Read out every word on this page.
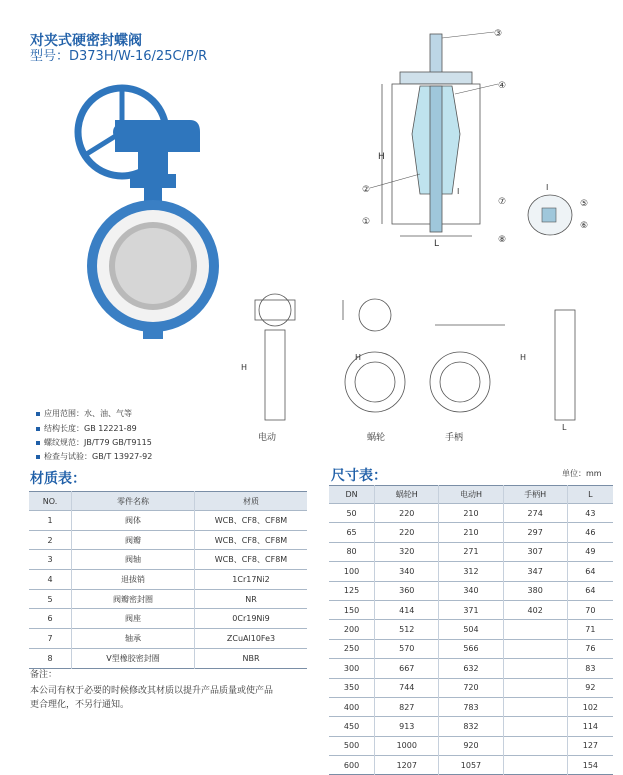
对夹式硬密封蝶阀
型号：D373H/W-16/25C/P/R
H
L
③
④
②
①
⑦
⑧
I	I
⑤
⑥
H
H	H
L
电动	蜗轮	手柄
应用范围：水、油、气等
结构长度：GB 12221-89
螺纹规范：JB/T79 GB/T9115
检查与试验：GB/T 13927-92
材质表：
NO.	零件名称	材质
1	阀体	WCB、CF8、CF8M
2	阀瓣	WCB、CF8、CF8M
3	阀轴	WCB、CF8、CF8M
4	退拔销	1Cr17Ni2
5	阀瓣密封圈	NR
6	阀座	0Cr19Ni9
7	轴承	ZCuAl10Fe3
8	V型橡胶密封圈	NBR
备注：
本公司有权于必要的时候修改其材质以提升产品质量或使产品
更合理化，不另行通知。
尺寸表：	单位：mm
DN	蜗轮H	电动H	手柄H	L
50	220	210	274	43
65	220	210	297	46
80	320	271	307	49
100	340	312	347	64
125	360	340	380	64
150	414	371	402	70
200	512	504		71
250	570	566		76
300	667	632		83
350	744	720		92
400	827	783		102
450	913	832		114
500	1000	920		127
600	1207	1057		154
